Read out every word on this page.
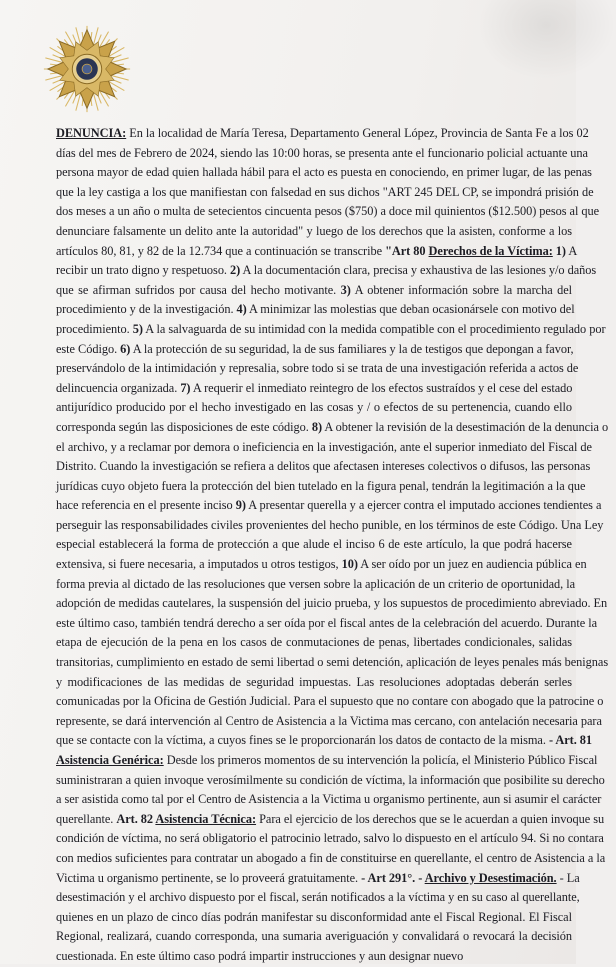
DENUNCIA: En la localidad de María Teresa, Departamento General López, Provincia de Santa Fe a los 02
días del mes de Febrero de 2024, siendo las 10:00 horas, se presenta ante el funcionario policial actuante una
persona mayor de edad quien hallada hábil para el acto es puesta en conociendo, en primer lugar, de las penas
que la ley castiga a los que manifiestan con falsedad en sus dichos "ART 245 DEL CP, se impondrá prisión de
dos meses a un año o multa de setecientos cincuenta pesos ($750) a doce mil quinientos ($12.500) pesos al que
denunciare falsamente un delito ante la autoridad" y luego de los derechos que la asisten, conforme a los
artículos 80, 81, y 82 de la 12.734 que a continuación se transcribe "Art 80 Derechos de la Víctima: 1) A
recibir un trato digno y respetuoso. 2) A la documentación clara, precisa y exhaustiva de las lesiones y/o daños
que se afirman sufridos por causa del hecho motivante. 3) A obtener información sobre la marcha del
procedimiento y de la investigación. 4) A minimizar las molestias que deban ocasionársele con motivo del
procedimiento. 5) A la salvaguarda de su intimidad con la medida compatible con el procedimiento regulado por
este Código. 6) A la protección de su seguridad, la de sus familiares y la de testigos que depongan a favor,
preservándolo de la intimidación y represalia, sobre todo si se trata de una investigación referida a actos de
delincuencia organizada. 7) A requerir el inmediato reintegro de los efectos sustraídos y el cese del estado
antijurídico producido por el hecho investigado en las cosas y / o efectos de su pertenencia, cuando ello
corresponda según las disposiciones de este código. 8) A obtener la revisión de la desestimación de la denuncia o
el archivo, y a reclamar por demora o ineficiencia en la investigación, ante el superior inmediato del Fiscal de
Distrito. Cuando la investigación se refiera a delitos que afectasen intereses colectivos o difusos, las personas
jurídicas cuyo objeto fuera la protección del bien tutelado en la figura penal, tendrán la legitimación a la que
hace referencia en el presente inciso 9) A presentar querella y a ejercer contra el imputado acciones tendientes a
perseguir las responsabilidades civiles provenientes del hecho punible, en los términos de este Código. Una Ley
especial establecerá la forma de protección a que alude el inciso 6 de este artículo, la que podrá hacerse
extensiva, si fuere necesaria, a imputados u otros testigos, 10) A ser oído por un juez en audiencia pública en
forma previa al dictado de las resoluciones que versen sobre la aplicación de un criterio de oportunidad, la
adopción de medidas cautelares, la suspensión del juicio prueba, y los supuestos de procedimiento abreviado. En
este último caso, también tendrá derecho a ser oída por el fiscal antes de la celebración del acuerdo. Durante la
etapa de ejecución de la pena en los casos de conmutaciones de penas, libertades condicionales, salidas
transitorias, cumplimiento en estado de semi libertad o semi detención, aplicación de leyes penales más benignas
y modificaciones de las medidas de seguridad impuestas. Las resoluciones adoptadas deberán serles
comunicadas por la Oficina de Gestión Judicial. Para el supuesto que no contare con abogado que la patrocine o
represente, se dará intervención al Centro de Asistencia a la Victima mas cercano, con antelación necesaria para
que se contacte con la víctima, a cuyos fines se le proporcionarán los datos de contacto de la misma. - Art. 81
Asistencia Genérica: Desde los primeros momentos de su intervención la policía, el Ministerio Público Fiscal
suministraran a quien invoque verosímilmente su condición de víctima, la información que posibilite su derecho
a ser asistida como tal por el Centro de Asistencia a la Victima u organismo pertinente, aun si asumir el carácter
querellante. Art. 82 Asistencia Técnica: Para el ejercicio de los derechos que se le acuerdan a quien invoque su
condición de víctima, no será obligatorio el patrocinio letrado, salvo lo dispuesto en el artículo 94. Si no contara
con medios suficientes para contratar un abogado a fin de constituirse en querellante, el centro de Asistencia a la
Victima u organismo pertinente, se lo proveerá gratuitamente. - Art 291°. - Archivo y Desestimación. - La
desestimación y el archivo dispuesto por el fiscal, serán notificados a la víctima y en su caso al querellante,
quienes en un plazo de cinco días podrán manifestar su disconformidad ante el Fiscal Regional. El Fiscal
Regional, realizará, cuando corresponda, una sumaria averiguación y convalidará o revocará la decisión
cuestionada. En este último caso podrá impartir instrucciones y aun designar nuevo
